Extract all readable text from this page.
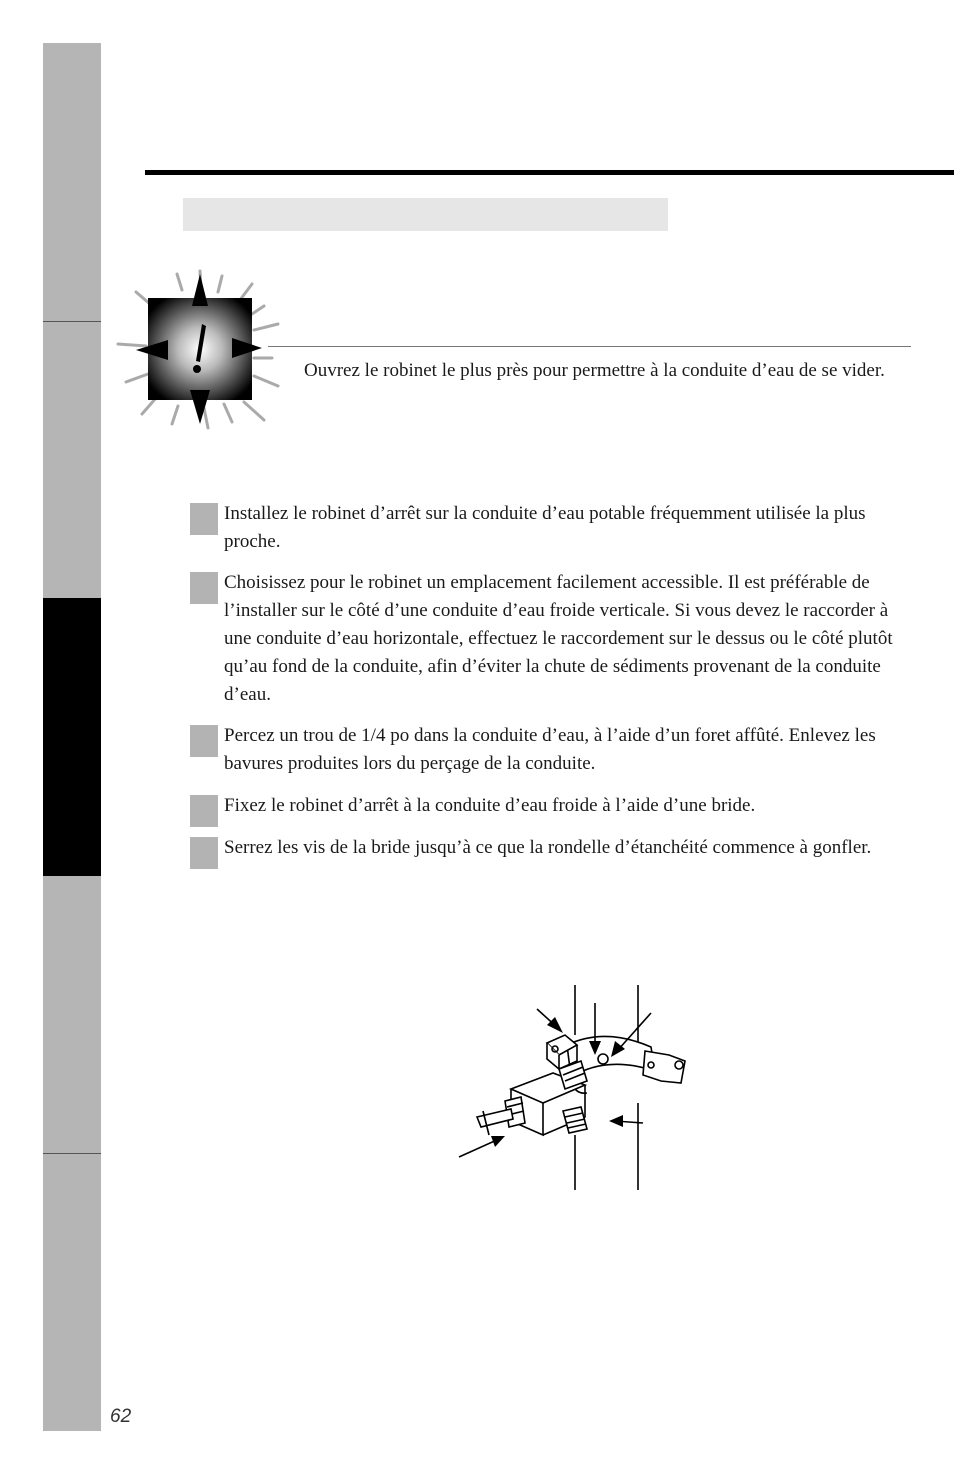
Ouvrez le robinet le plus près pour permettre à la conduite d’eau de se vider.

Installez le robinet d’arrêt sur la conduite d’eau potable fréquemment utilisée la plus proche.

Choisissez pour le robinet un emplacement facilement accessible. Il est préférable de l’installer sur le côté d’une conduite d’eau froide verticale. Si vous devez le raccorder à une conduite d’eau horizontale, effectuez le raccordement sur le dessus ou le côté plutôt qu’au fond de la conduite, afin d’éviter la chute de sédiments provenant de la conduite d’eau.

Percez un trou de 1/4 po dans la conduite d’eau, à l’aide d’un foret affûté. Enlevez les bavures produites lors du perçage de la conduite.

Fixez le robinet d’arrêt à la conduite d’eau froide à l’aide d’une bride.

Serrez les vis de la bride jusqu’à ce que la rondelle d’étanchéité commence à gonfler.

62
